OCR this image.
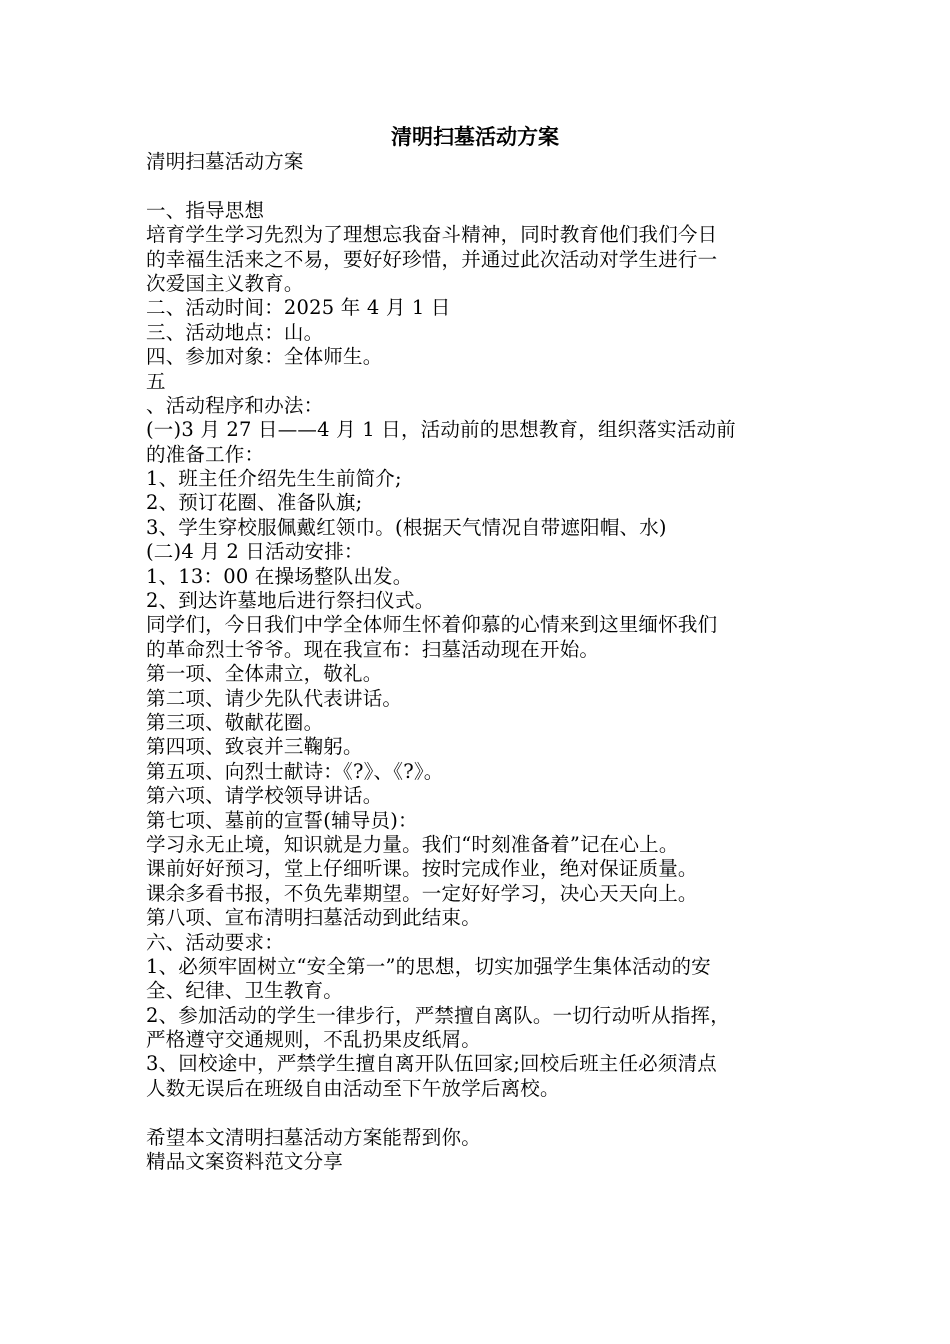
清明扫墓活动方案
清明扫墓活动方案
一、指导思想
培育学生学习先烈为了理想忘我奋斗精神，同时教育他们我们今日
的幸福生活来之不易，要好好珍惜，并通过此次活动对学生进行一
次爱国主义教育。
二、活动时间：2025 年 4 月 1 日
三、活动地点：山。
四、参加对象：全体师生。
五
、活动程序和办法：
(一)3 月 27 日——4 月 1 日，活动前的思想教育，组织落实活动前
的准备工作：
1、班主任介绍先生生前简介;
2、预订花圈、准备队旗;
3、学生穿校服佩戴红领巾。(根据天气情况自带遮阳帽、水)
(二)4 月 2 日活动安排：
1、13：00 在操场整队出发。
2、到达许墓地后进行祭扫仪式。
同学们，今日我们中学全体师生怀着仰慕的心情来到这里缅怀我们
的革命烈士爷爷。现在我宣布：扫墓活动现在开始。
第一项、全体肃立，敬礼。
第二项、请少先队代表讲话。
第三项、敬献花圈。
第四项、致哀并三鞠躬。
第五项、向烈士献诗：《?》、《?》。
第六项、请学校领导讲话。
第七项、墓前的宣誓(辅导员)：
学习永无止境，知识就是力量。我们“时刻准备着”记在心上。
课前好好预习，堂上仔细听课。按时完成作业，绝对保证质量。
课余多看书报，不负先辈期望。一定好好学习，决心天天向上。
第八项、宣布清明扫墓活动到此结束。
六、活动要求：
1、必须牢固树立“安全第一”的思想，切实加强学生集体活动的安
全、纪律、卫生教育。
2、参加活动的学生一律步行，严禁擅自离队。一切行动听从指挥，
严格遵守交通规则，不乱扔果皮纸屑。
3、回校途中，严禁学生擅自离开队伍回家;回校后班主任必须清点
人数无误后在班级自由活动至下午放学后离校。
希望本文清明扫墓活动方案能帮到你。
精品文案资料范文分享
